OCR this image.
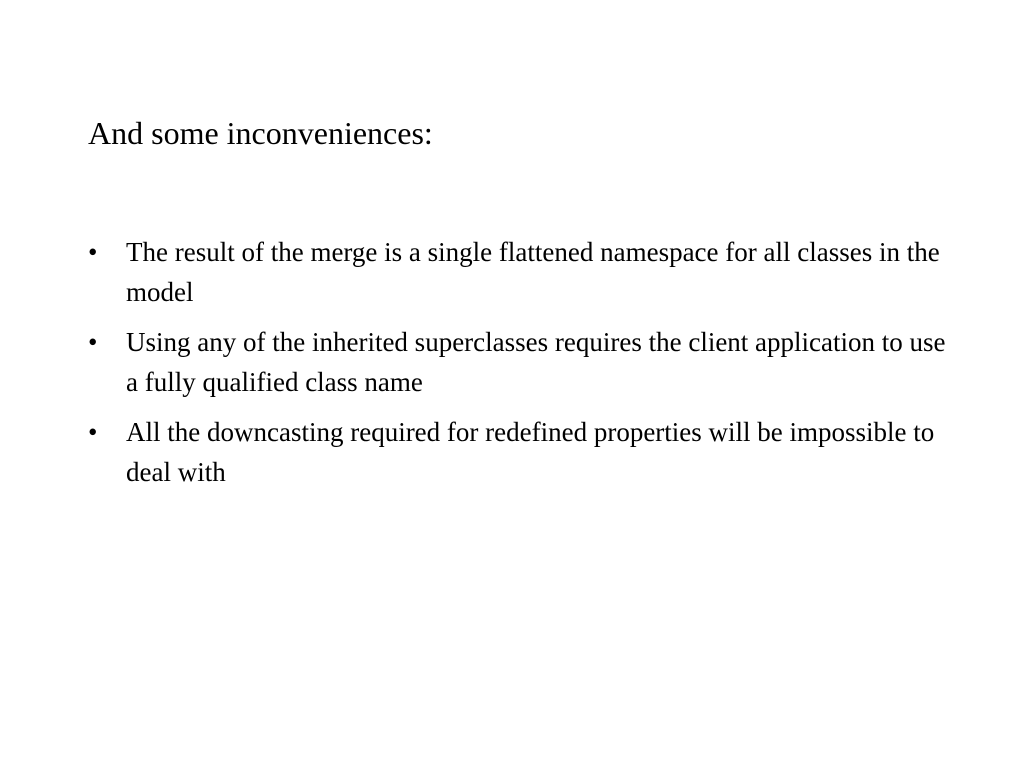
And some inconveniences:
•	The result of the merge is a single flattened namespace for all classes in the model
•	Using any of the inherited superclasses requires the client application to use a fully qualified class name
•	All the downcasting required for redefined properties will be impossible to deal with
